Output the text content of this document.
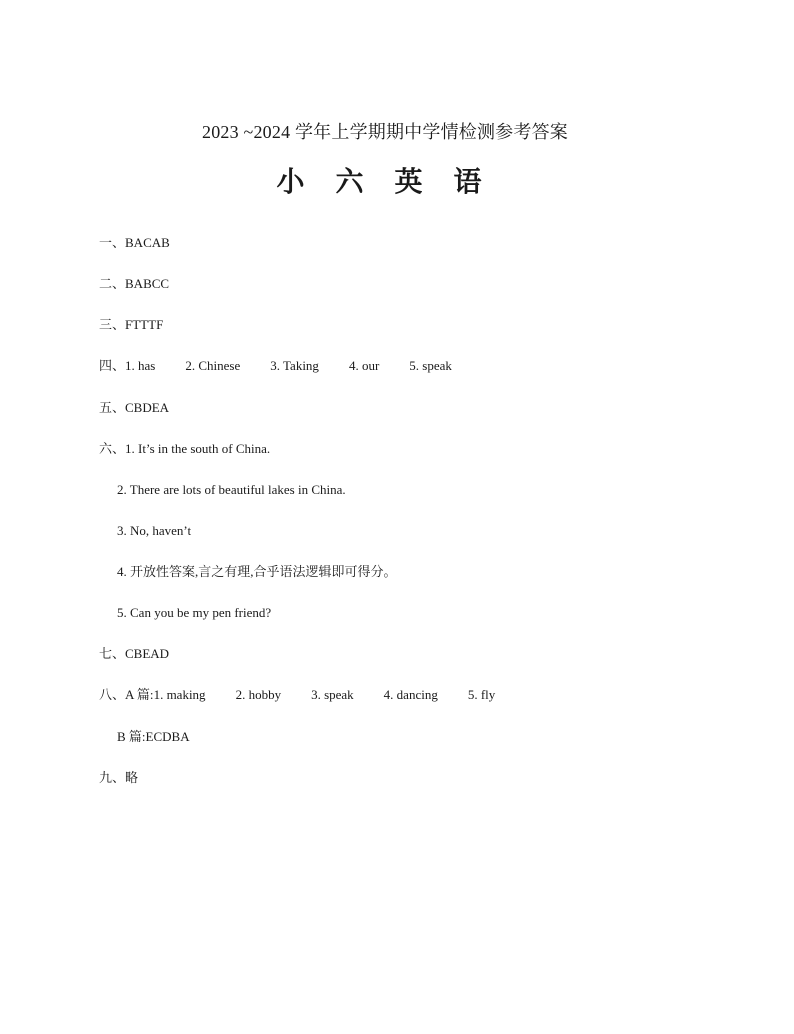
2023 ~2024 学年上学期期中学情检测参考答案
小 六 英 语
一、BACAB
二、BABCC
三、FTTTF
四、1. has 2. Chinese 3. Taking 4. our 5. speak
五、CBDEA
六、1. It’s in the south of China.
2. There are lots of beautiful lakes in China.
3. No, haven’t
4. 开放性答案,言之有理,合乎语法逻辑即可得分。
5. Can you be my pen friend?
七、CBEAD
八、A 篇:1. making 2. hobby 3. speak 4. dancing 5. fly
B 篇:ECDBA
九、略
